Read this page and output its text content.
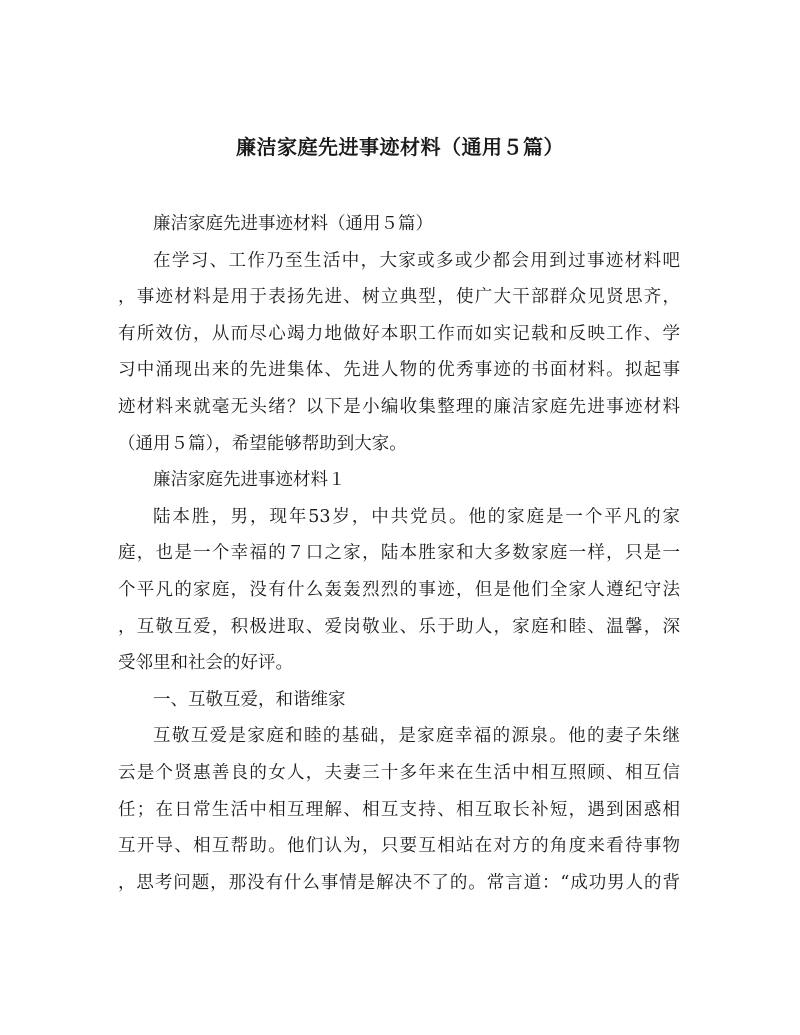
廉洁家庭先进事迹材料（通用５篇）
廉洁家庭先进事迹材料（通用５篇）
在学习、工作乃至生活中，大家或多或少都会用到过事迹材料吧
，事迹材料是用于表扬先进、树立典型，使广大干部群众见贤思齐，
有所效仿，从而尽心竭力地做好本职工作而如实记载和反映工作、学
习中涌现出来的先进集体、先进人物的优秀事迹的书面材料。拟起事
迹材料来就毫无头绪？以下是小编收集整理的廉洁家庭先进事迹材料
（通用５篇），希望能够帮助到大家。
廉洁家庭先进事迹材料１
陆本胜，男，现年53岁，中共党员。他的家庭是一个平凡的家
庭，也是一个幸福的７口之家，陆本胜家和大多数家庭一样，只是一
个平凡的家庭，没有什么轰轰烈烈的事迹，但是他们全家人遵纪守法
，互敬互爱，积极进取、爱岗敬业、乐于助人，家庭和睦、温馨，深
受邻里和社会的好评。
一、互敬互爱，和谐维家
互敬互爱是家庭和睦的基础，是家庭幸福的源泉。他的妻子朱继
云是个贤惠善良的女人，夫妻三十多年来在生活中相互照顾、相互信
任；在日常生活中相互理解、相互支持、相互取长补短，遇到困惑相
互开导、相互帮助。他们认为，只要互相站在对方的角度来看待事物
，思考问题，那没有什么事情是解决不了的。常言道：“成功男人的背
